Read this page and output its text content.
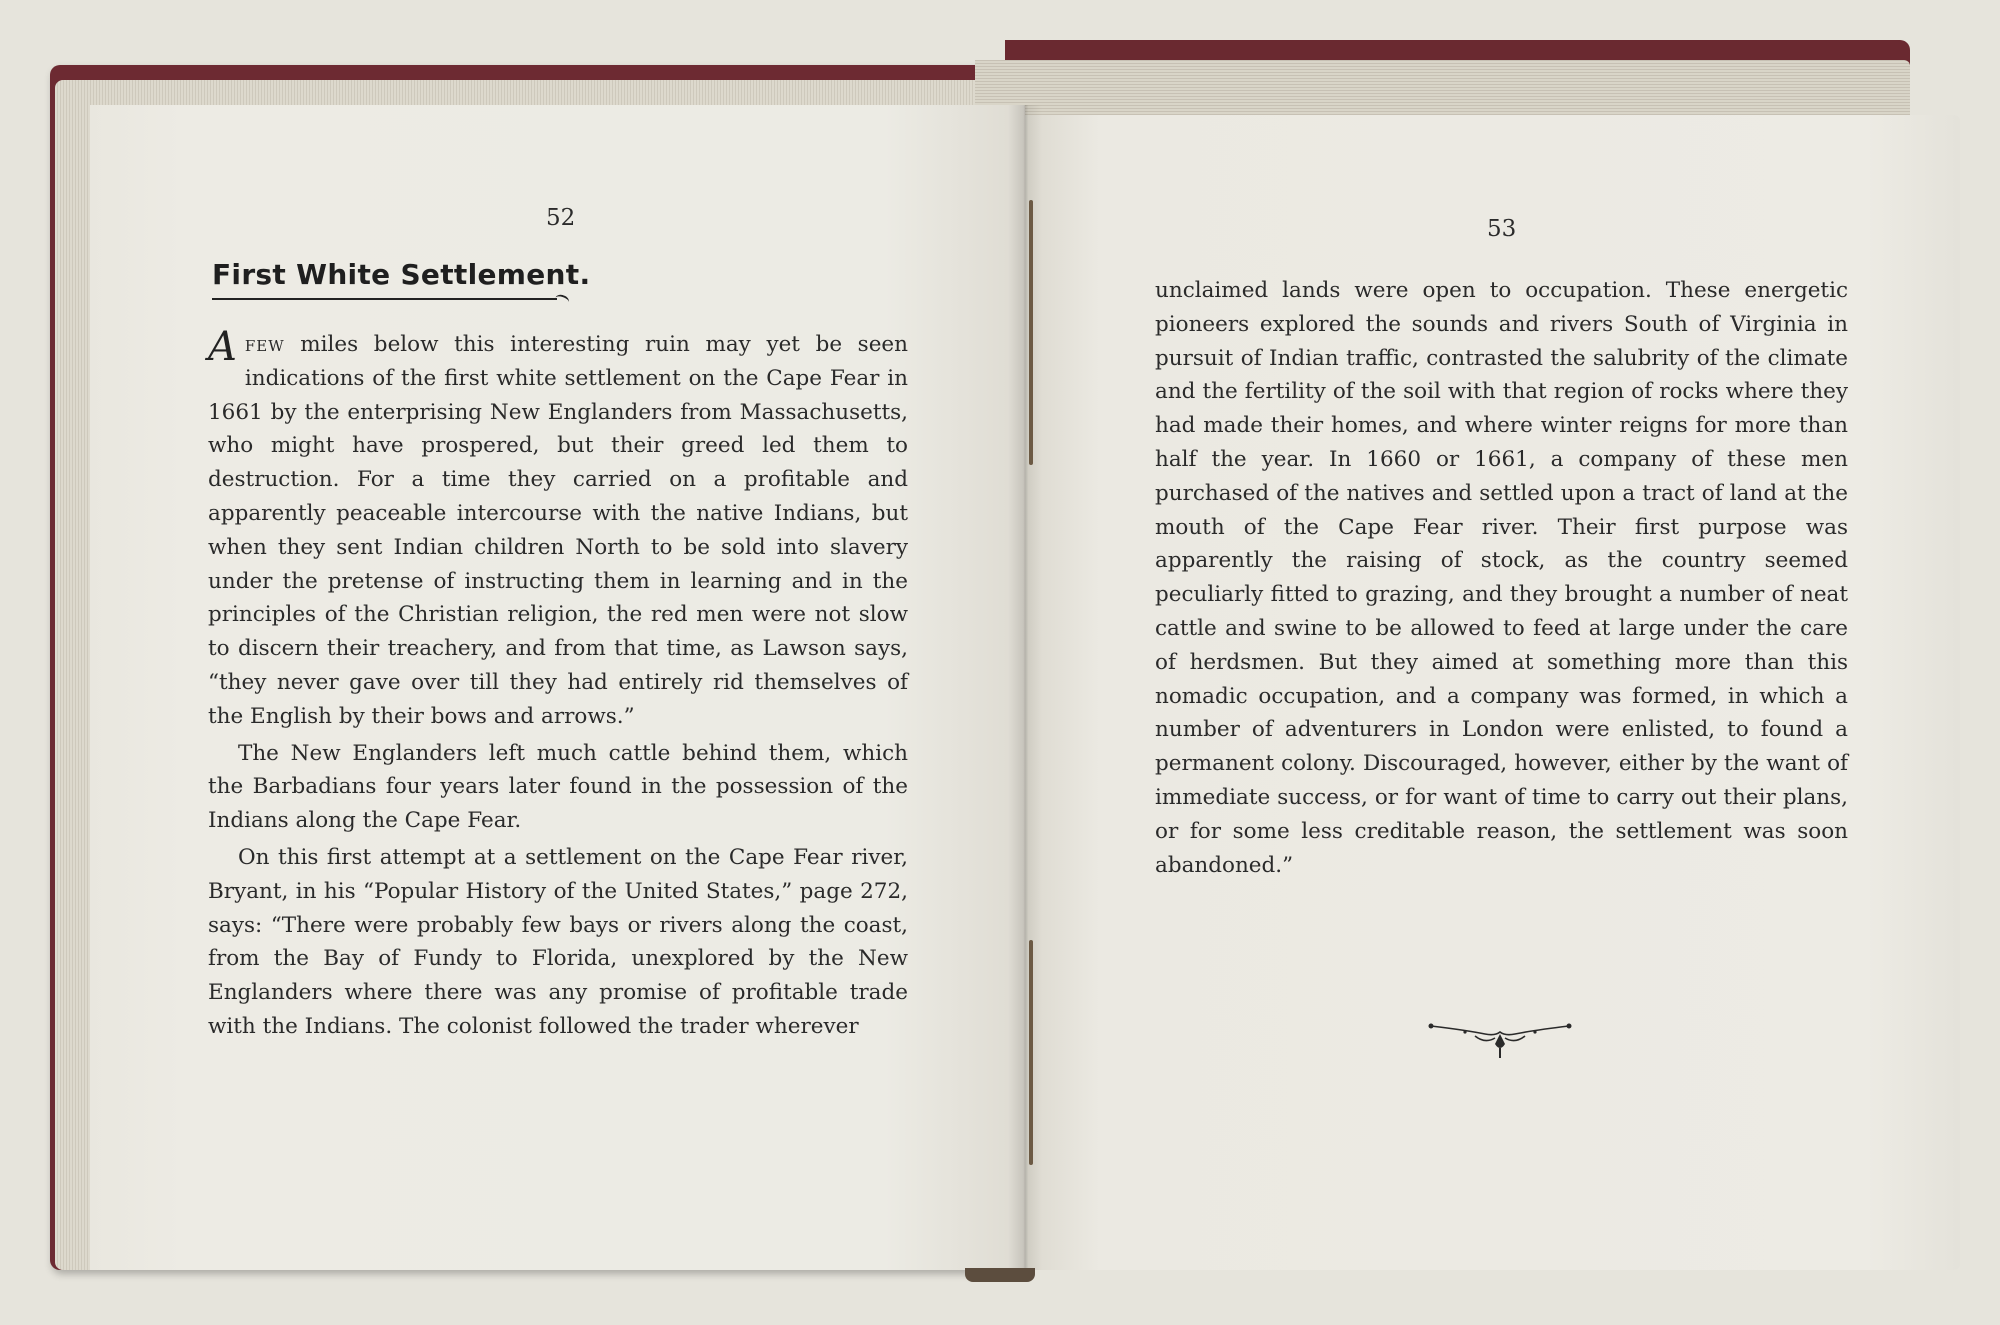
52
First White Settlement.

A few miles below this interesting ruin may yet be seen indications of the first white settlement on the Cape Fear in 1661 by the enterprising New Englanders from Massachusetts, who might have prospered, but their greed led them to destruction. For a time they carried on a profitable and apparently peaceable intercourse with the native Indians, but when they sent Indian children North to be sold into slavery under the pretense of instructing them in learning and in the principles of the Christian religion, the red men were not slow to discern their treachery, and from that time, as Lawson says, “they never gave over till they had entirely rid themselves of the English by their bows and arrows.”

The New Englanders left much cattle behind them, which the Barbadians four years later found in the possession of the Indians along the Cape Fear.

On this first attempt at a settlement on the Cape Fear river, Bryant, in his “Popular History of the United States,” page 272, says: “There were probably few bays or rivers along the coast, from the Bay of Fundy to Florida, unexplored by the New Englanders where there was any promise of profitable trade with the Indians. The colonist followed the trader wherever

53

unclaimed lands were open to occupation. These energetic pioneers explored the sounds and rivers South of Virginia in pursuit of Indian traffic, contrasted the salubrity of the climate and the fertility of the soil with that region of rocks where they had made their homes, and where winter reigns for more than half the year. In 1660 or 1661, a company of these men purchased of the natives and settled upon a tract of land at the mouth of the Cape Fear river. Their first purpose was apparently the raising of stock, as the country seemed peculiarly fitted to grazing, and they brought a number of neat cattle and swine to be allowed to feed at large under the care of herdsmen. But they aimed at something more than this nomadic occupation, and a company was formed, in which a number of adventurers in London were enlisted, to found a permanent colony. Discouraged, however, either by the want of immediate success, or for want of time to carry out their plans, or for some less creditable reason, the settlement was soon abandoned.”
